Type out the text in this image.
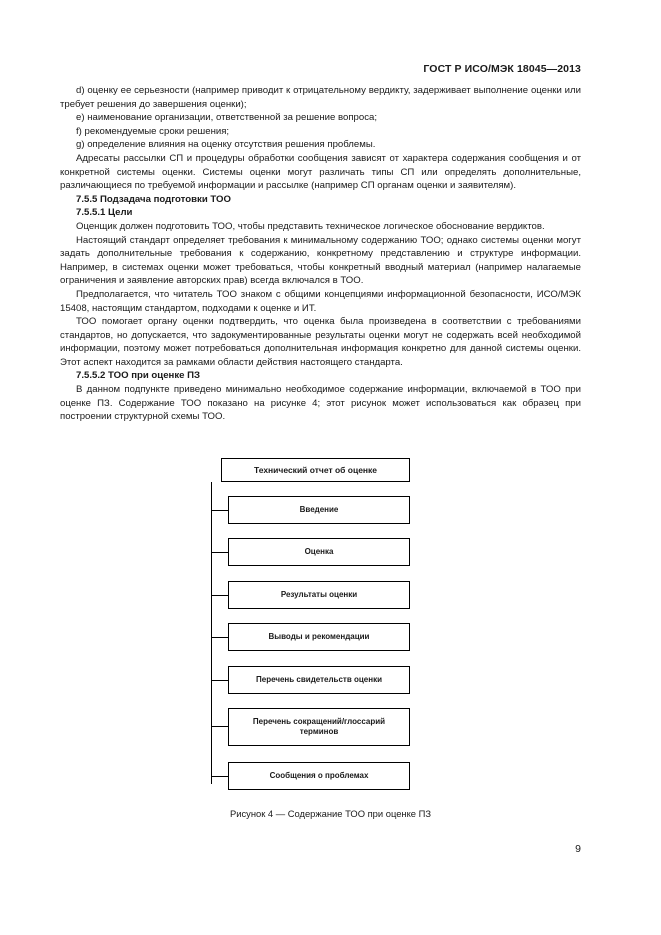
ГОСТ Р ИСО/МЭК 18045—2013

d) оценку ее серьезности (например приводит к отрицательному вердикту, задерживает выполнение оценки или требует решения до завершения оценки);

e) наименование организации, ответственной за решение вопроса;

f) рекомендуемые сроки решения;

g) определение влияния на оценку отсутствия решения проблемы.

Адресаты рассылки СП и процедуры обработки сообщения зависят от характера содержания сообщения и от конкретной системы оценки. Системы оценки могут различать типы СП или определять дополнительные, различающиеся по требуемой информации и рассылке (например СП органам оценки и заявителям).

7.5.5 Подзадача подготовки ТОО
7.5.5.1 Цели

Оценщик должен подготовить ТОО, чтобы представить техническое логическое обоснование вердиктов.

Настоящий стандарт определяет требования к минимальному содержанию ТОО; однако системы оценки могут задать дополнительные требования к содержанию, конкретному представлению и структуре информации. Например, в системах оценки может требоваться, чтобы конкретный вводный материал (например налагаемые ограничения и заявление авторских прав) всегда включался в ТОО.

Предполагается, что читатель ТОО знаком с общими концепциями информационной безопасности, ИСО/МЭК 15408, настоящим стандартом, подходами к оценке и ИТ.

ТОО помогает органу оценки подтвердить, что оценка была произведена в соответствии с требованиями стандартов, но допускается, что задокументированные результаты оценки могут не содержать всей необходимой информации, поэтому может потребоваться дополнительная информация конкретно для данной системы оценки. Этот аспект находится за рамками области действия настоящего стандарта.

7.5.5.2 ТОО при оценке ПЗ

В данном подпункте приведено минимально необходимое содержание информации, включаемой в ТОО при оценке ПЗ. Содержание ТОО показано на рисунке 4; этот рисунок может использоваться как образец при построении структурной схемы ТОО.

Технический отчет об оценке
Введение
Оценка
Результаты оценки
Выводы и рекомендации
Перечень свидетельств оценки
Перечень сокращений/глоссарий терминов
Сообщения о проблемах
Рисунок 4 — Содержание ТОО при оценке ПЗ
9
